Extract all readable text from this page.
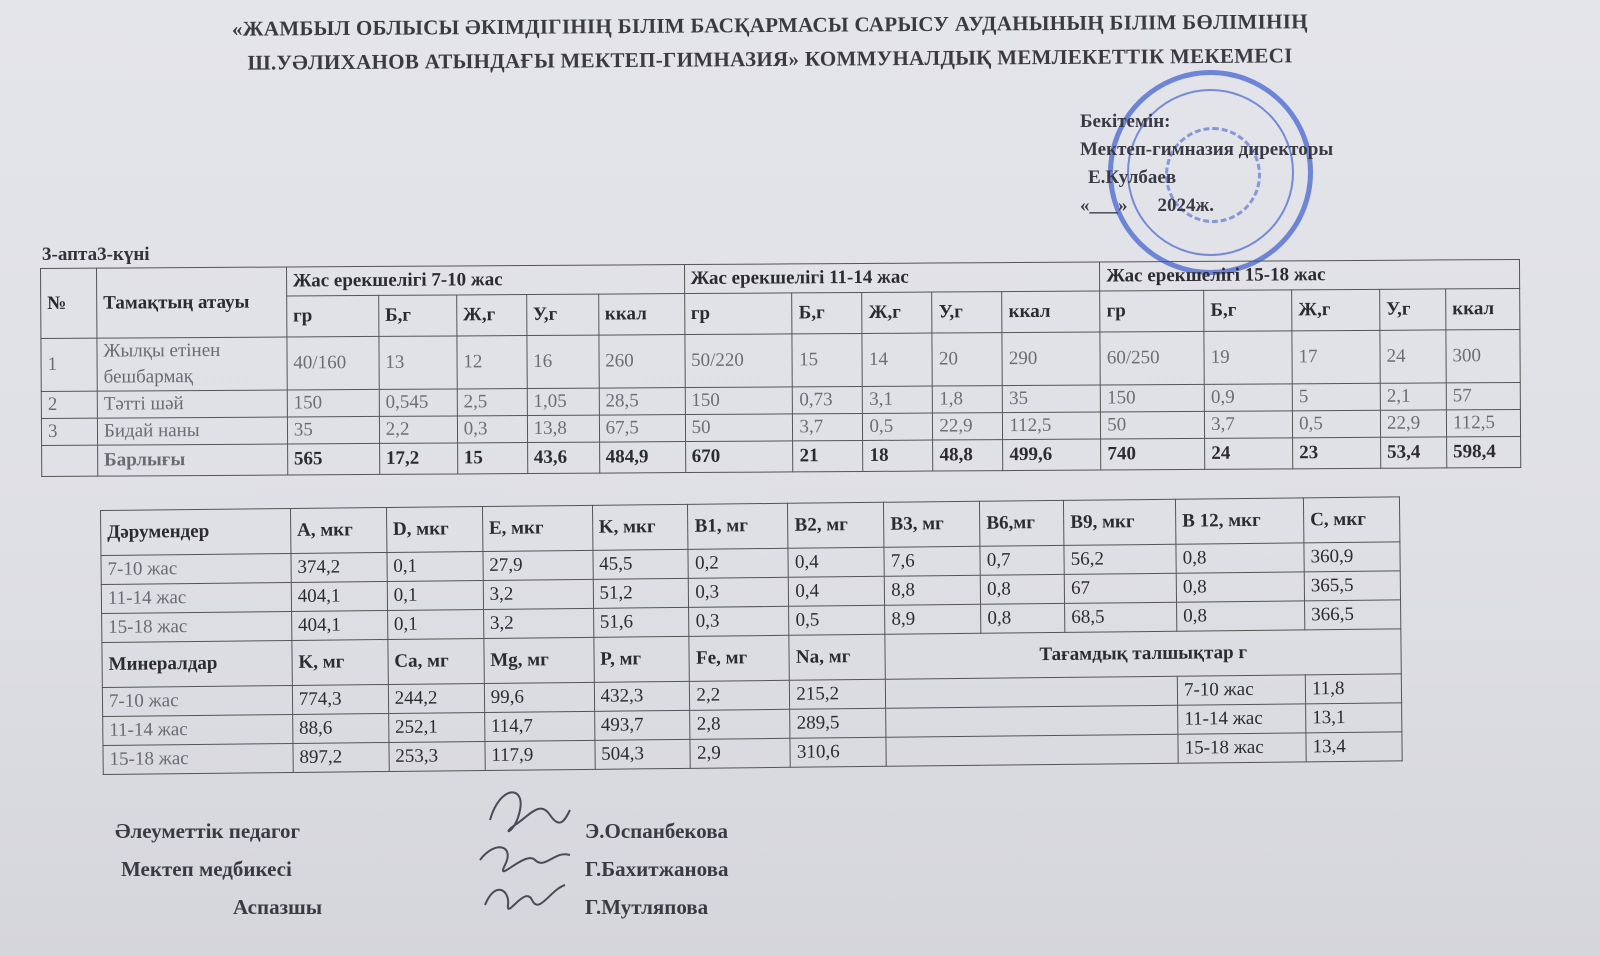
«ЖАМБЫЛ ОБЛЫСЫ ӘКІМДІГІНІҢ БІЛІМ БАСҚАРМАСЫ САРЫСУ АУДАНЫНЫҢ БІЛІМ БӨЛІМІНІҢ
Ш.УӘЛИХАНОВ АТЫНДАҒЫ МЕКТЕП-ГИМНАЗИЯ» КОММУНАЛДЫҚ МЕМЛЕКЕТТІК МЕКЕМЕСІ
Бекітемін:
Мектеп-гимназия директоры
Е.Кулбаев
«___» 2024ж.
3-апта3-күні
№	Тамақтың атауы	Жас ерекшелігі 7-10 жас					Жас ерекшелігі 11-14 жас					Жас ерекшелігі 15-18 жас				
		гр	Б,г	Ж,г	У,г	ккал	гр	Б,г	Ж,г	У,г	ккал	гр	Б,г	Ж,г	У,г	ккал
1	Жылқы етінен бешбармақ	40/160	13	12	16	260	50/220	15	14	20	290	60/250	19	17	24	300
2	Тәтті шәй	150	0,545	2,5	1,05	28,5	150	0,73	3,1	1,8	35	150	0,9	5	2,1	57
3	Бидай наны	35	2,2	0,3	13,8	67,5	50	3,7	0,5	22,9	112,5	50	3,7	0,5	22,9	112,5
	Барлығы	565	17,2	15	43,6	484,9	670	21	18	48,8	499,6	740	24	23	53,4	598,4
Дәрумендер	A, мкг	D, мкг	E, мкг	K, мкг	B1, мг	B2, мг	B3, мг	B6,мг	B9, мкг	B 12, мкг	C, мкг
7-10 жас	374,2	0,1	27,9	45,5	0,2	0,4	7,6	0,7	56,2	0,8	360,9
11-14 жас	404,1	0,1	3,2	51,2	0,3	0,4	8,8	0,8	67	0,8	365,5
15-18 жас	404,1	0,1	3,2	51,6	0,3	0,5	8,9	0,8	68,5	0,8	366,5
Минералдар	K, мг	Ca, мг	Mg, мг	P, мг	Fe, мг	Na, мг	Тағамдық талшықтар г				
7-10 жас	774,3	244,2	99,6	432,3	2,2	215,2				7-10 жас	11,8
11-14 жас	88,6	252,1	114,7	493,7	2,8	289,5				11-14 жас	13,1
15-18 жас	897,2	253,3	117,9	504,3	2,9	310,6				15-18 жас	13,4
Әлеуметтік педагог	Э.Оспанбекова
Мектеп медбикесі	Г.Бахитжанова
Аспазшы	Г.Мутляпова
